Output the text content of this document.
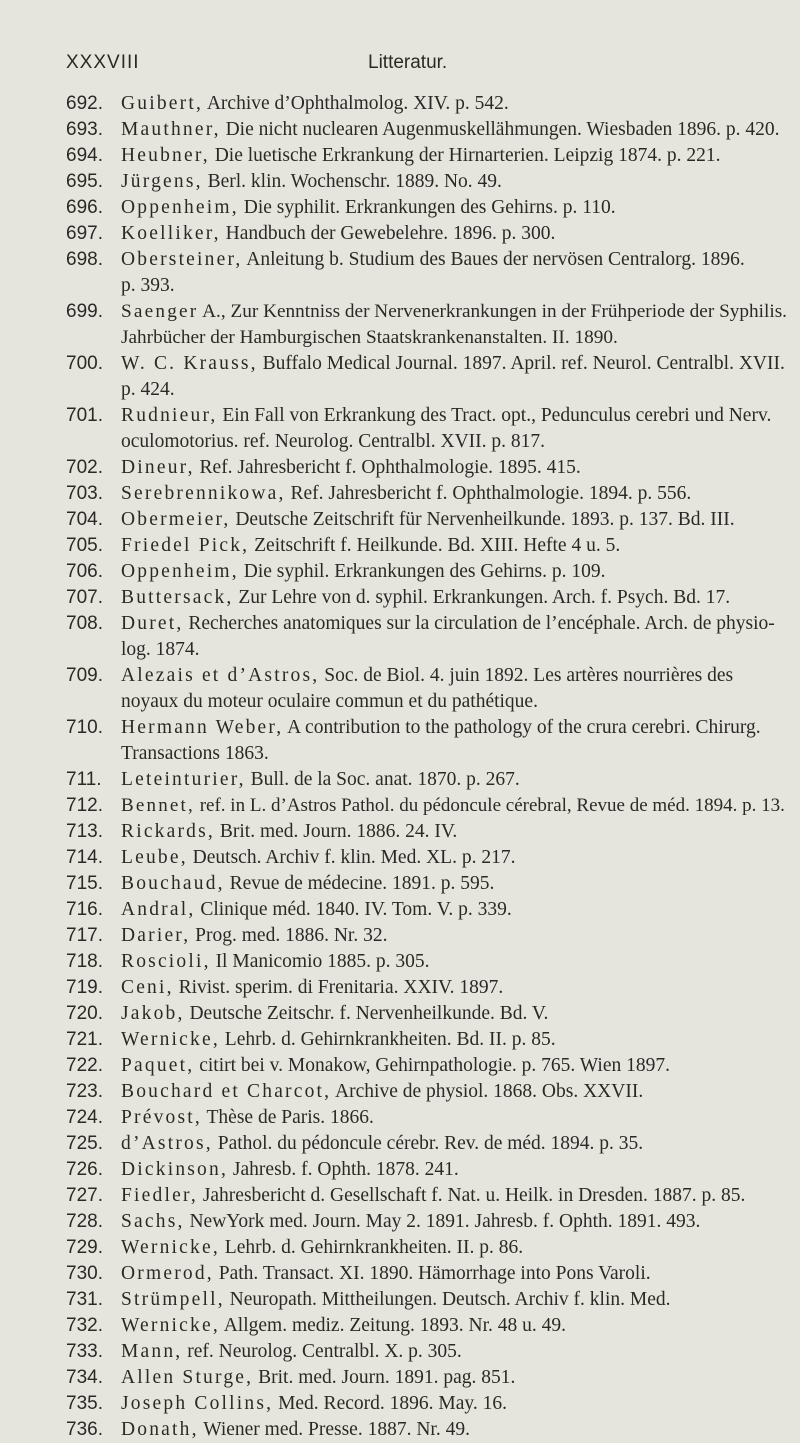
XXXVIII	Litteratur.
692. Guibert, Archive d’Ophthalmolog. XIV. p. 542.
693. Mauthner, Die nicht nuclearen Augenmuskellähmungen. Wiesbaden 1896. p. 420.
694. Heubner, Die luetische Erkrankung der Hirnarterien. Leipzig 1874. p. 221.
695. Jürgens, Berl. klin. Wochenschr. 1889. No. 49.
696. Oppenheim, Die syphilit. Erkrankungen des Gehirns. p. 110.
697. Koelliker, Handbuch der Gewebelehre. 1896. p. 300.
698. Obersteiner, Anleitung b. Studium des Baues der nervösen Centralorg. 1896.
p. 393.
699. Saenger A., Zur Kenntniss der Nervenerkrankungen in der Frühperiode der Syphilis.
Jahrbücher der Hamburgischen Staatskrankenanstalten. II. 1890.
700. W. C. Krauss, Buffalo Medical Journal. 1897. April. ref. Neurol. Centralbl. XVII.
p. 424.
701. Rudnieur, Ein Fall von Erkrankung des Tract. opt., Pedunculus cerebri und Nerv.
oculomotorius. ref. Neurolog. Centralbl. XVII. p. 817.
702. Dineur, Ref. Jahresbericht f. Ophthalmologie. 1895. 415.
703. Serebrennikowa, Ref. Jahresbericht f. Ophthalmologie. 1894. p. 556.
704. Obermeier, Deutsche Zeitschrift für Nervenheilkunde. 1893. p. 137. Bd. III.
705. Friedel Pick, Zeitschrift f. Heilkunde. Bd. XIII. Hefte 4 u. 5.
706. Oppenheim, Die syphil. Erkrankungen des Gehirns. p. 109.
707. Buttersack, Zur Lehre von d. syphil. Erkrankungen. Arch. f. Psych. Bd. 17.
708. Duret, Recherches anatomiques sur la circulation de l’encéphale. Arch. de physio-
log. 1874.
709. Alezais et d’Astros, Soc. de Biol. 4. juin 1892. Les artères nourrières des
noyaux du moteur oculaire commun et du pathétique.
710. Hermann Weber, A contribution to the pathology of the crura cerebri. Chirurg.
Transactions 1863.
711. Leteinturier, Bull. de la Soc. anat. 1870. p. 267.
712. Bennet, ref. in L. d’Astros Pathol. du pédoncule cérebral, Revue de méd. 1894. p. 13.
713. Rickards, Brit. med. Journ. 1886. 24. IV.
714. Leube, Deutsch. Archiv f. klin. Med. XL. p. 217.
715. Bouchaud, Revue de médecine. 1891. p. 595.
716. Andral, Clinique méd. 1840. IV. Tom. V. p. 339.
717. Darier, Prog. med. 1886. Nr. 32.
718. Roscioli, Il Manicomio 1885. p. 305.
719. Ceni, Rivist. sperim. di Frenitaria. XXIV. 1897.
720. Jakob, Deutsche Zeitschr. f. Nervenheilkunde. Bd. V.
721. Wernicke, Lehrb. d. Gehirnkrankheiten. Bd. II. p. 85.
722. Paquet, citirt bei v. Monakow, Gehirnpathologie. p. 765. Wien 1897.
723. Bouchard et Charcot, Archive de physiol. 1868. Obs. XXVII.
724. Prévost, Thèse de Paris. 1866.
725. d’Astros, Pathol. du pédoncule cérebr. Rev. de méd. 1894. p. 35.
726. Dickinson, Jahresb. f. Ophth. 1878. 241.
727. Fiedler, Jahresbericht d. Gesellschaft f. Nat. u. Heilk. in Dresden. 1887. p. 85.
728. Sachs, NewYork med. Journ. May 2. 1891. Jahresb. f. Ophth. 1891. 493.
729. Wernicke, Lehrb. d. Gehirnkrankheiten. II. p. 86.
730. Ormerod, Path. Transact. XI. 1890. Hämorrhage into Pons Varoli.
731. Strümpell, Neuropath. Mittheilungen. Deutsch. Archiv f. klin. Med.
732. Wernicke, Allgem. mediz. Zeitung. 1893. Nr. 48 u. 49.
733. Mann, ref. Neurolog. Centralbl. X. p. 305.
734. Allen Sturge, Brit. med. Journ. 1891. pag. 851.
735. Joseph Collins, Med. Record. 1896. May. 16.
736. Donath, Wiener med. Presse. 1887. Nr. 49.
